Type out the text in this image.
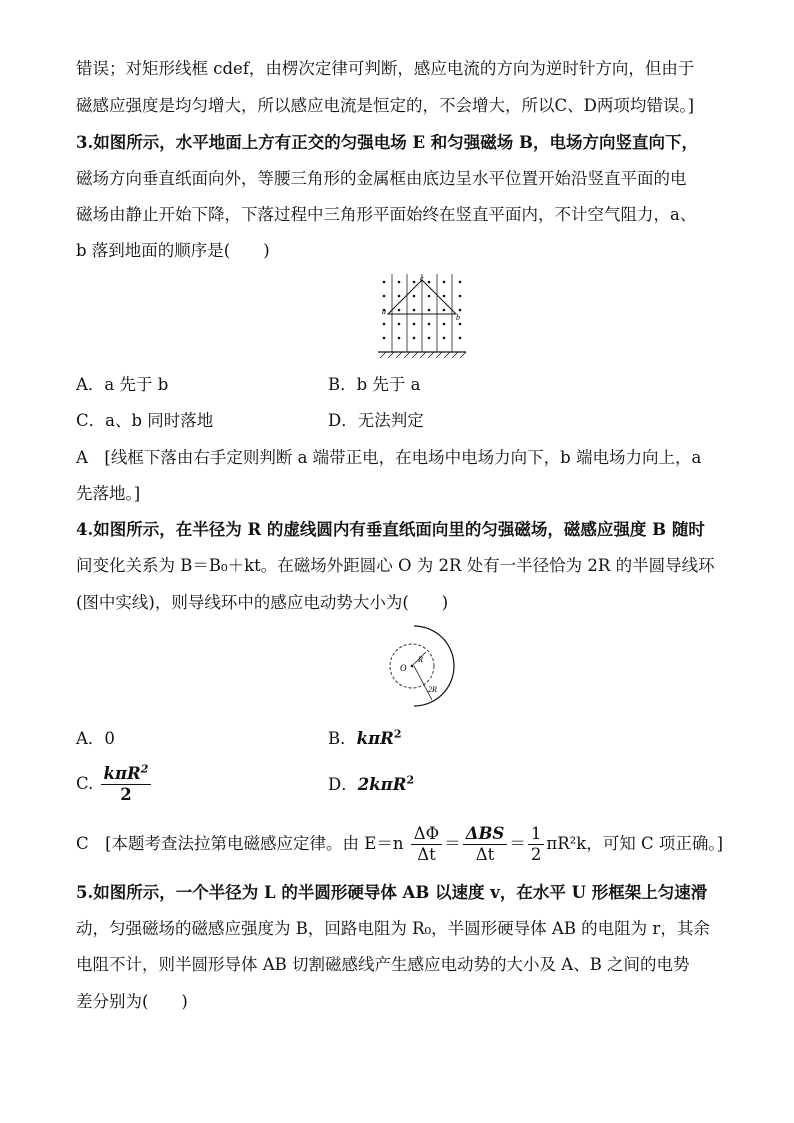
错误；对矩形线框 cdef，由楞次定律可判断，感应电流的方向为逆时针方向，但由于
磁感应强度是均匀增大，所以感应电流是恒定的，不会增大，所以C、D两项均错误。]
3.如图所示，水平地面上方有正交的匀强电场 E 和匀强磁场 B，电场方向竖直向下，
磁场方向垂直纸面向外，等腰三角形的金属框由底边呈水平位置开始沿竖直平面的电
磁场由静止开始下降，下落过程中三角形平面始终在竖直平面内，不计空气阻力，a、
b 落到地面的顺序是(　　)
c
a
b
A．a 先于 b	B．b 先于 a
C．a、b 同时落地	D．无法判定
A　[线框下落由右手定则判断 a 端带正电，在电场中电场力向下，b 端电场力向上，a
先落地。]
4.如图所示，在半径为 R 的虚线圆内有垂直纸面向里的匀强磁场，磁感应强度 B 随时
间变化关系为 B＝B₀＋kt。在磁场外距圆心 O 为 2R 处有一半径恰为 2R 的半圆导线环
(图中实线)，则导线环中的感应电动势大小为(　　)
O
R
2R
A．0	B．kπR$^2$
C. $\frac{k\pi R^2}{2}$	D．2kπR$^2$
C　[本题考查法拉第电磁感应定律。由 $E=n \frac{\Delta\Phi}{\Delta t} = \frac{\text{ΔBS}}{\Delta t} = \frac{1}{2} \pi R^2k$，可知 C 项正确。]
5.如图所示，一个半径为 L 的半圆形硬导体 AB 以速度 v，在水平 U 形框架上匀速滑
动，匀强磁场的磁感应强度为 B，回路电阻为 R₀，半圆形硬导体 AB 的电阻为 r，其余
电阻不计，则半圆形导体 AB 切割磁感线产生感应电动势的大小及 A、B 之间的电势
差分别为(　　)
